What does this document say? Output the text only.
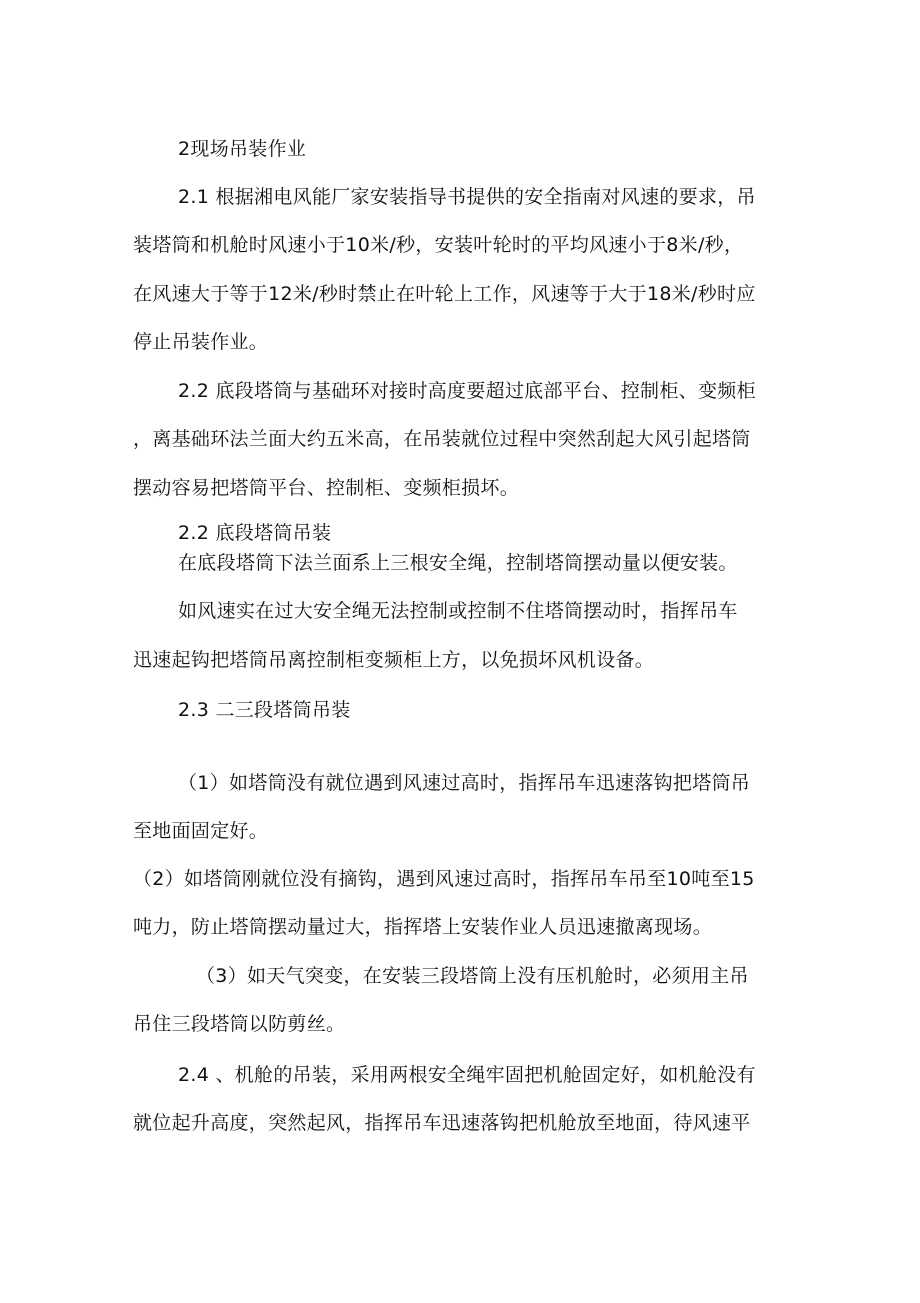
2现场吊装作业
2.1 根据湘电风能厂家安装指导书提供的安全指南对风速的要求，吊
装塔筒和机舱时风速小于10米/秒，安装叶轮时的平均风速小于8米/秒，
在风速大于等于12米/秒时禁止在叶轮上工作，风速等于大于18米/秒时应
停止吊装作业。
2.2 底段塔筒与基础环对接时高度要超过底部平台、控制柜、变频柜
，离基础环法兰面大约五米高，在吊装就位过程中突然刮起大风引起塔筒
摆动容易把塔筒平台、控制柜、变频柜损坏。
2.2 底段塔筒吊装
在底段塔筒下法兰面系上三根安全绳，控制塔筒摆动量以便安装。
如风速实在过大安全绳无法控制或控制不住塔筒摆动时，指挥吊车
迅速起钩把塔筒吊离控制柜变频柜上方，以免损坏风机设备。
2.3 二三段塔筒吊装
（1）如塔筒没有就位遇到风速过高时，指挥吊车迅速落钩把塔筒吊
至地面固定好。
（2）如塔筒刚就位没有摘钩，遇到风速过高时，指挥吊车吊至10吨至15
吨力，防止塔筒摆动量过大，指挥塔上安装作业人员迅速撤离现场。
（3）如天气突变，在安装三段塔筒上没有压机舱时，必须用主吊
吊住三段塔筒以防剪丝。
2.4 、机舱的吊装，采用两根安全绳牢固把机舱固定好，如机舱没有
就位起升高度，突然起风，指挥吊车迅速落钩把机舱放至地面，待风速平
